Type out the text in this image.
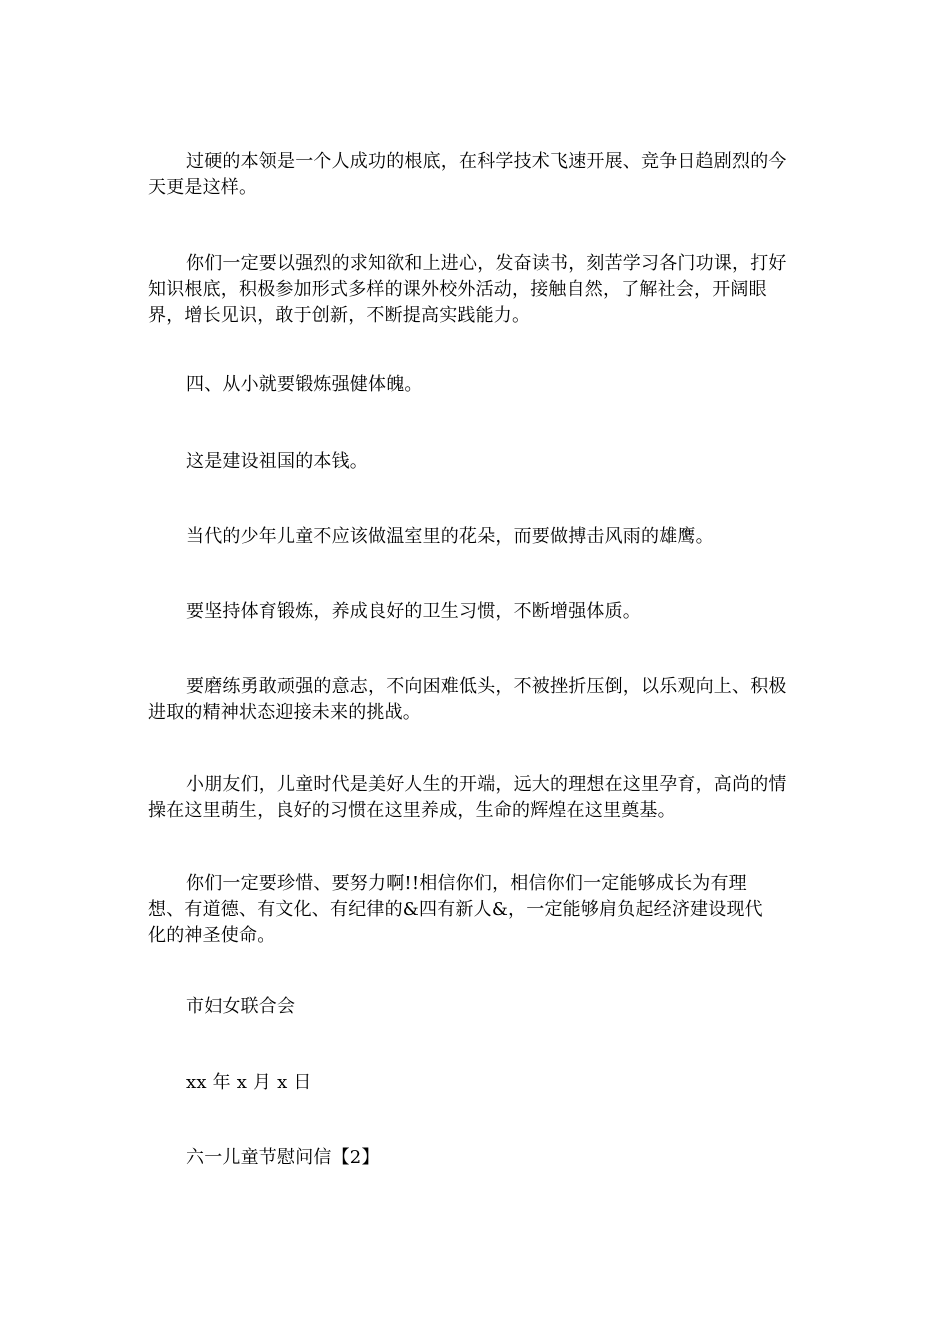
过硬的本领是一个人成功的根底，在科学技术飞速开展、竞争日趋剧烈的今天更是这样。

你们一定要以强烈的求知欲和上进心，发奋读书，刻苦学习各门功课，打好知识根底，积极参加形式多样的课外校外活动，接触自然，了解社会，开阔眼界，增长见识，敢于创新，不断提高实践能力。

四、从小就要锻炼强健体魄。

这是建设祖国的本钱。

当代的少年儿童不应该做温室里的花朵，而要做搏击风雨的雄鹰。

要坚持体育锻炼，养成良好的卫生习惯，不断增强体质。

要磨练勇敢顽强的意志，不向困难低头，不被挫折压倒，以乐观向上、积极进取的精神状态迎接未来的挑战。

小朋友们，儿童时代是美好人生的开端，远大的理想在这里孕育，高尚的情操在这里萌生，良好的习惯在这里养成，生命的辉煌在这里奠基。

你们一定要珍惜、要努力啊!!相信你们，相信你们一定能够成长为有理想、有道德、有文化、有纪律的&四有新人&，一定能够肩负起经济建设现代化的神圣使命。

市妇女联合会

xx 年 x 月 x 日

六一儿童节慰问信【2】
